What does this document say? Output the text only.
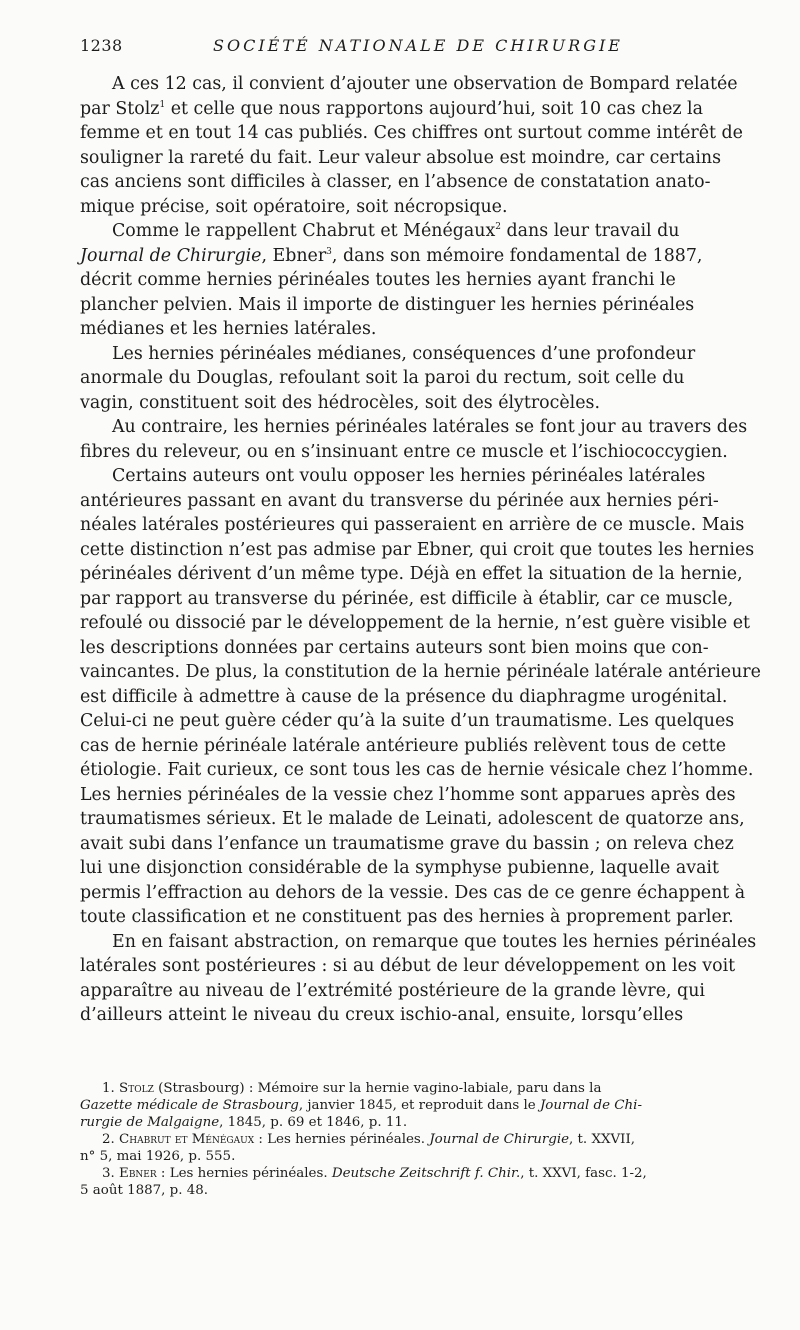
1238	SOCIÉTÉ NATIONALE DE CHIRURGIE

A ces 12 cas, il convient d’ajouter une observation de Bompard relatée
par Stolz$^1$ et celle que nous rapportons aujourd’hui, soit 10 cas chez la
femme et en tout 14 cas publiés. Ces chiffres ont surtout comme intérêt de
souligner la rareté du fait. Leur valeur absolue est moindre, car certains
cas anciens sont difficiles à classer, en l’absence de constatation anato-
mique précise, soit opératoire, soit nécropsique.

Comme le rappellent Chabrut et Ménégaux$^2$ dans leur travail du
Journal de Chirurgie, Ebner$^3$, dans son mémoire fondamental de 1887,
décrit comme hernies périnéales toutes les hernies ayant franchi le
plancher pelvien. Mais il importe de distinguer les hernies périnéales
médianes et les hernies latérales.

Les hernies périnéales médianes, conséquences d’une profondeur
anormale du Douglas, refoulant soit la paroi du rectum, soit celle du
vagin, constituent soit des hédrocèles, soit des élytrocèles.

Au contraire, les hernies périnéales latérales se font jour au travers des
fibres du releveur, ou en s’insinuant entre ce muscle et l’ischiococcygien.

Certains auteurs ont voulu opposer les hernies périnéales latérales
antérieures passant en avant du transverse du périnée aux hernies péri-
néales latérales postérieures qui passeraient en arrière de ce muscle. Mais
cette distinction n’est pas admise par Ebner, qui croit que toutes les hernies
périnéales dérivent d’un même type. Déjà en effet la situation de la hernie,
par rapport au transverse du périnée, est difficile à établir, car ce muscle,
refoulé ou dissocié par le développement de la hernie, n’est guère visible et
les descriptions données par certains auteurs sont bien moins que con-
vaincantes. De plus, la constitution de la hernie périnéale latérale antérieure
est difficile à admettre à cause de la présence du diaphragme urogénital.
Celui-ci ne peut guère céder qu’à la suite d’un traumatisme. Les quelques
cas de hernie périnéale latérale antérieure publiés relèvent tous de cette
étiologie. Fait curieux, ce sont tous les cas de hernie vésicale chez l’homme.
Les hernies périnéales de la vessie chez l’homme sont apparues après des
traumatismes sérieux. Et le malade de Leinati, adolescent de quatorze ans,
avait subi dans l’enfance un traumatisme grave du bassin ; on releva chez
lui une disjonction considérable de la symphyse pubienne, laquelle avait
permis l’effraction au dehors de la vessie. Des cas de ce genre échappent à
toute classification et ne constituent pas des hernies à proprement parler.

En en faisant abstraction, on remarque que toutes les hernies périnéales
latérales sont postérieures : si au début de leur développement on les voit
apparaître au niveau de l’extrémité postérieure de la grande lèvre, qui
d’ailleurs atteint le niveau du creux ischio-anal, ensuite, lorsqu’elles

1. Stolz (Strasbourg) : Mémoire sur la hernie vagino-labiale, paru dans la
Gazette médicale de Strasbourg, janvier 1845, et reproduit dans le Journal de Chi-
rurgie de Malgaigne, 1845, p. 69 et 1846, p. 11.

2. Chabrut et Ménégaux : Les hernies périnéales. Journal de Chirurgie, t. XXVII,
n° 5, mai 1926, p. 555.

3. Ebner : Les hernies périnéales. Deutsche Zeitschrift f. Chir., t. XXVI, fasc. 1-2,
5 août 1887, p. 48.
